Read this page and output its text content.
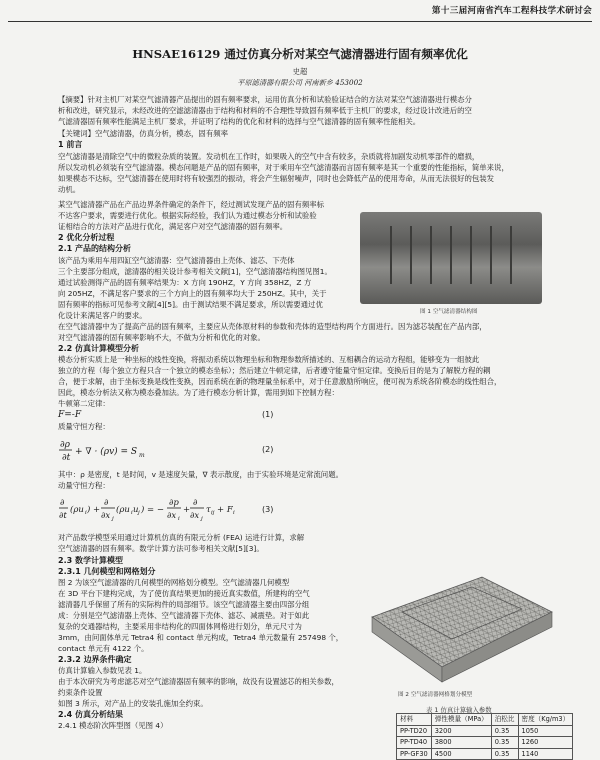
第十三届河南省汽车工程科技学术研讨会
HNSAE16129 通过仿真分析对某空气滤清器进行固有频率优化
史超
平原滤清器有限公司 河南新乡 453002
【摘要】针对主机厂对某空气滤清器产品提出的固有频率要求，运用仿真分析和试验验证结合的方法对某空气滤清器进行模态分
析和改进，研究显示，未经改进的空滤滤清器由于结构和材料的不合理性导致固有频率低于主机厂的要求，经过设计改进后的空
气滤清器固有频率性能满足主机厂要求，并证明了结构的优化和材料的选择与空气滤清器的固有频率性能相关。
【关键词】空气滤清器，仿真分析，模态，固有频率
1 前言
空气滤清器是清除空气中的微粒杂质的装置。发动机在工作时，如果吸入的空气中含有较多，杂质就将加剧发动机零部件的磨损，
所以发动机必须装有空气滤清器。模态问题是产品的固有频率，对于乘用车空气滤清器而言固有频率是其一个重要的性能指标，简单来说，
如果模态不达标，空气滤清器在使用时将有较强烈的振动，将会产生辐射噪声，同时也会降低产品的使用寿命，从而无法很好的包装发
动机。
某空气滤清器产品在产品边界条件确定的条件下，经过测试发现产品的固有频率标
不达客户要求，需要进行优化。根据实际经验，我们认为通过模态分析和试验验
证相结合的方法对产品进行优化，满足客户对空气滤清器的固有频率。
2 优化分析过程
2.1 产品的结构分析
该产品为乘用车用四缸空气滤清器：空气滤清器由上壳体、滤芯、下壳体
三个主要部分组成，滤清器的相关设计参考相关文献[1]，空气滤清器结构图见图1。
通过试验测得产品的固有频率结果为：X 方向 190HZ，Y 方向 358HZ，Z 方
向 205HZ，不满足客户要求的三个方向上的固有频率均大于 250HZ。其中，关于
固有频率的指标可见参考文献[4][5]。由于测试结果不满足要求，所以需要通过优
化设计来满足客户的要求。	图 1 空气滤清器结构图
在空气滤清器中为了提高产品的固有频率，主要应从壳体原材料的参数和壳体的造型结构两个方面进行。因为滤芯装配在产品内部，
对空气滤清器的固有频率影响不大，不做为分析和优化的对象。
2.2 仿真计算模型分析
模态分析实质上是一种坐标的线性变换，将振动系统以物理坐标和物理参数所描述的、互相耦合的运动方程组，能够变为一组彼此
独立的方程（每个独立方程只含一个独立的模态坐标）；然后建立牛顿定律，后者遵守能量守恒定律。变换后目的是为了解脱方程的耦
合，便于求解，由于坐标变换是线性变换，因而系统在新的物理量坐标系中，对于任意激励所响应，便可视为系统各阶模态的线性组合，
因此，模态分析法又称为模态叠加法。为了进行模态分析计算，需用到如下控制方程：
牛顿第二定律：
F=-F	(1)
质量守恒方程：
∂ρ
∂t
+ ∇ · (ρv) = S m
(2)
其中：ρ 是密度，t 是时间，v 是速度矢量，∇ 表示散度，由于实验环境是定常流问题。
动量守恒方程：
∂
∂t
(ρu i ) +
∂
∂x j
(ρu i u j ) = −
∂p
∂x i
+
∂
∂x j
τ ij + F i	(3)
对产品数学模型采用通过计算机仿真的有限元分析 (FEA) 运进行计算，求解
空气滤清器的固有频率。数学计算方法可参考相关文献[5][3]。
2.3 数学计算模型
2.3.1 几何模型和网格划分
图 2 为该空气滤清器的几何模型的网格划分模型。空气滤清器几何模型
在 3D 平台下建构完成，为了使仿真结果更加的接近真实数值，所建构的空气
滤清器几乎保留了所有的实际构件的局部细节。该空气滤清器主要由四部分组
成：分别是空气滤清器上壳体、空气滤清器下壳体、滤芯、减震垫。对于如此
复杂的交通器结构，主要采用非结构化的四面体网格进行划分，单元尺寸为
3mm，由问面体单元 Tetra4 和 contact 单元构成，Tetra4 单元数量有 257498 个，
contact 单元有 4122 个。
2.3.2 边界条件确定
仿真计算输入参数见表 1。
由于本次研究为考虑滤芯对空气滤清器固有频率的影响，故没有设置滤芯的相关参数，
约束条件设置
如图 3 所示，对产品上的安装孔施加全约束。
2.4 仿真分析结果
2.4.1 模态阶次阵型图（见图 4）
图 2 空气滤清器网格划分模型
表 1 仿真计算输入参数
材料	弹性模量（MPa）	泊松比	密度（Kg/m3）
PP-TD20	3200	0.35	1050
PP-TD40	3800	0.35	1260
PP-GF30	4500	0.35	1140
